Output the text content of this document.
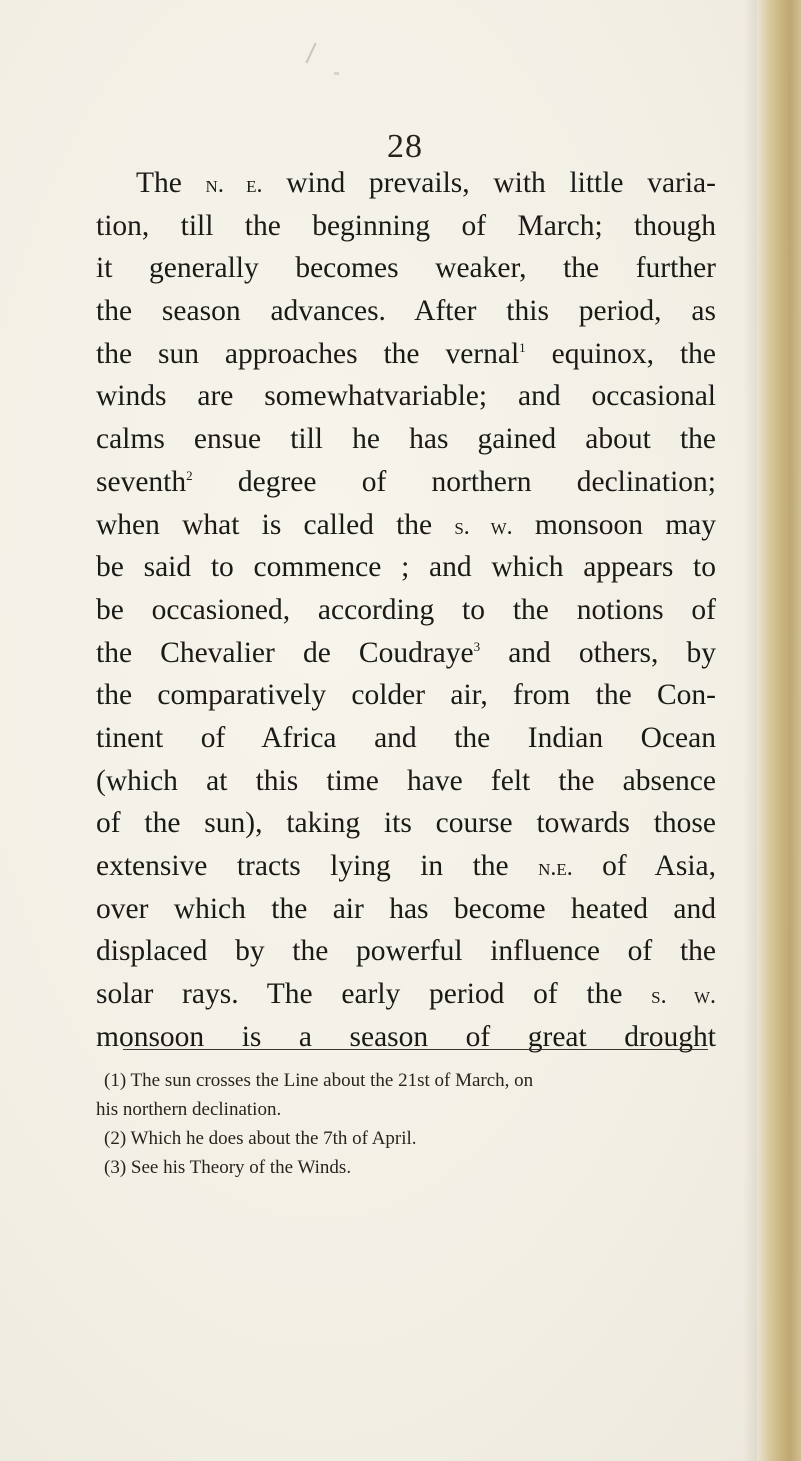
28
The n. e. wind prevails, with little varia-
tion, till the beginning of March; though
it generally becomes weaker, the further
the season advances. After this period, as
the sun approaches the vernal$^1$ equinox, the
winds are somewhatvariable; and occasional
calms ensue till he has gained about the
seventh$^2$ degree of northern declination;
when what is called the s. w. monsoon may
be said to commence ; and which appears to
be occasioned, according to the notions of
the Chevalier de Coudraye$^3$ and others, by
the comparatively colder air, from the Con-
tinent of Africa and the Indian Ocean
(which at this time have felt the absence
of the sun), taking its course towards those
extensive tracts lying in the n.e. of Asia,
over which the air has become heated and
displaced by the powerful influence of the
solar rays. The early period of the s. w.
monsoon is a season of great drought
(1) The sun crosses the Line about the 21st of March, on
his northern declination.
(2) Which he does about the 7th of April.
(3) See his Theory of the Winds.
